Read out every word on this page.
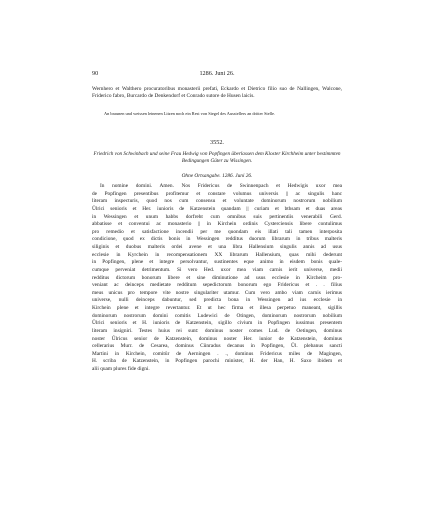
90	1286. Juni 26.
Wernhero et Walthero procuratoribus monasterii prefati, Eckardo et Dietrico filio suo de Nallingen, Walcone, Friderico fabro, Burcardo de Denkendorf et Conrado sutore de Husen laicis.
An braunen und weissen leinenen Litzen noch ein Rest von Siegel des Ausstellers an dritter Stelle.
3552.
Friedrich von Schwinbach und seine Frau Hedwig von Popfingen überlassen dem Kloster Kirchheim unter bestimmten Bedingungen Güter zu Wissingen.
Ohne Ortsangabe. 1286. Juni 26.
In nomine domini. Amen. Nos Fridericus de Swinnenpach et Hedwigis uxor mea
de Popfingen presentibus profitemur et constare volumus universis || ac singulis hanc
literam inspecturis, quod nos cum consensu et voluntate dominorum nostrorum nobilium
Ûlrici senioris et Her. iunioris de Katzenstein quandam || curiam et bthsam et duas areas
in Wessingen et unum habbs dorfreht cum omnibus suis pertinentiis venerabili Gerd.
abbatisse et conventui ac monasterio || in Kirchein ordinis Cysterciensis libere contulimus
pro remedio et satisfactione incendii per me quondam eis illati tali tamen interposita
condicione, quod ex dictis bonis in Wessingen redditus duorum librarum in tribus malteris
siliginis et duobus malteris ordei avene et una libra Hallensium singulis annis ad usus
ecclesie in Kyrchein in recompensationem XX librarum Hallensium, quas mihi dederunt
in Popfingen, plene et integre persolvantur, sustinentes eque animo in eisdem bonis quale-
cumque perveniat detrimentum. Si vero Hed. uxor mea viam carnis ierit universe, medii
redditus dictorum bonorum libere et sine diminutione ad usus ecclesie in Kircheim pro-
veniant ac deinceps medietate redditum sepedictorum bonorum ego Fridericus et . . filius
meus unicus pro tempore vite nostre singulariter utamur. Cum vero ambo viam carnis ierimus
universe, nulli deinceps dabuntur, sed predicta bona in Wessingen ad ius ecclesie in
Kirchein plene et integre revertantur. Et ut hec firma et illesa perpetuo maneant, sigillis
dominorum nostrorum domini comitis Ludewici de Otingen, dominorum nostrorum nobilium
Ûlrici senioris et H. iunioris de Katzenstein, sigillo civium in Popfingen iussimus presentem
literam insigniri. Testes huius rei sunt: dominus noster comes Lud. de Oetingen, dominus
noster Ûlricus senior de Katzenstein, dominus noster Her. iunior de Katzenstein, dominus
cellerarius Murr. de Cesarea, dominus Cûnradus decanus in Popfingen, Ûl. plebanus sancti
Martini in Kirchein, comitûr de Aerningen . ., dominus Fridericus miles de Magingen,
H. scriba de Katzenstein, in Popfingen parochi minister, H. der Han, H. Saxo ibidem et
alii quam plures fide digni.
